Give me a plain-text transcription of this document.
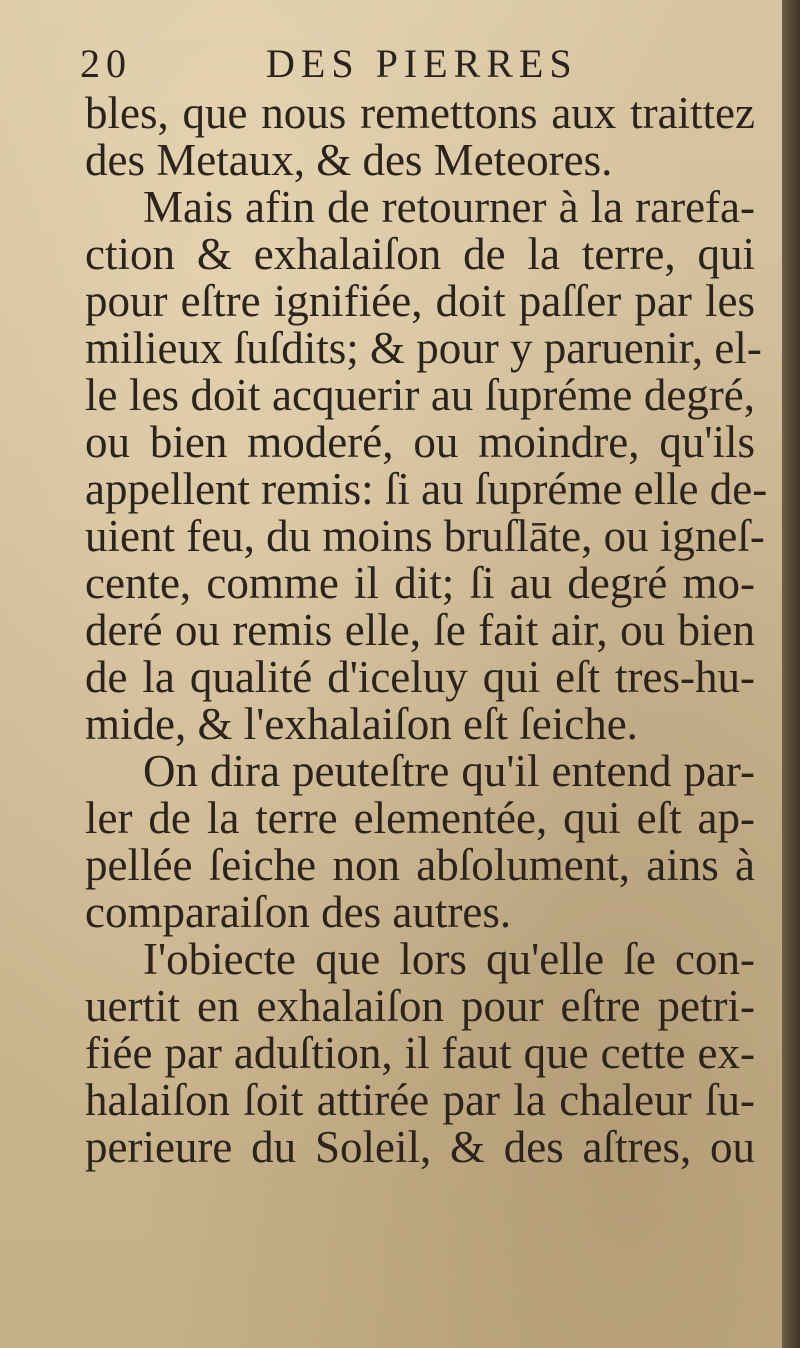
20	DES PIERRES
bles, que nous remettons aux traittez
des Metaux, & des Meteores.
Mais afin de retourner à la rarefa-
ction & exhalaiſon de la terre, qui
pour eſtre ignifiée, doit paſſer par les
milieux ſuſdits; & pour y paruenir, el-
le les doit acquerir au ſupréme degré,
ou bien moderé, ou moindre, qu'ils
appellent remis: ſi au ſupréme elle de-
uient feu, du moins bruſlāte, ou igneſ-
cente, comme il dit; ſi au degré mo-
deré ou remis elle, ſe fait air, ou bien
de la qualité d'iceluy qui eſt tres-hu-
mide, & l'exhalaiſon eſt ſeiche.
On dira peuteſtre qu'il entend par-
ler de la terre elementée, qui eſt ap-
pellée ſeiche non abſolument, ains à
comparaiſon des autres.
I'obiecte que lors qu'elle ſe con-
uertit en exhalaiſon pour eſtre petri-
fiée par aduſtion, il faut que cette ex-
halaiſon ſoit attirée par la chaleur ſu-
perieure du Soleil, & des aſtres, ou
